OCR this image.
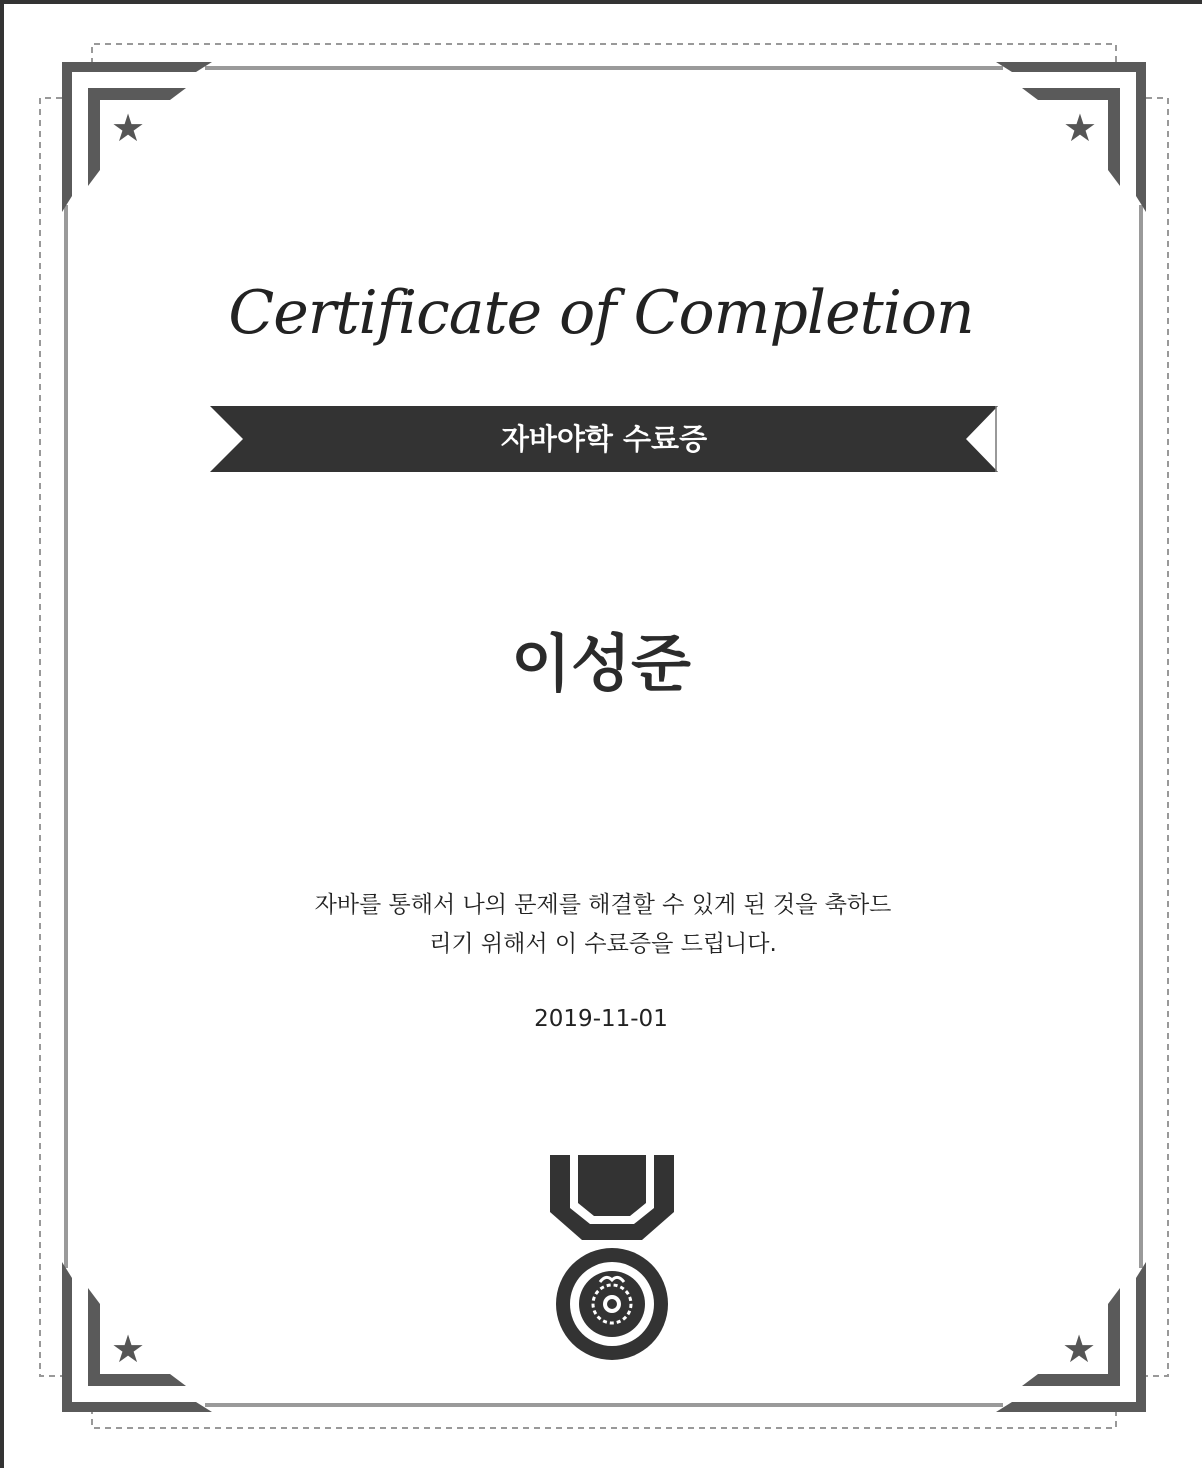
★	★
★	★
Certificate of Completion
자바야학 수료증
이성준
자바를 통해서 나의 문제를 해결할 수 있게 된 것을 축하드
리기 위해서 이 수료증을 드립니다.
2019-11-01
